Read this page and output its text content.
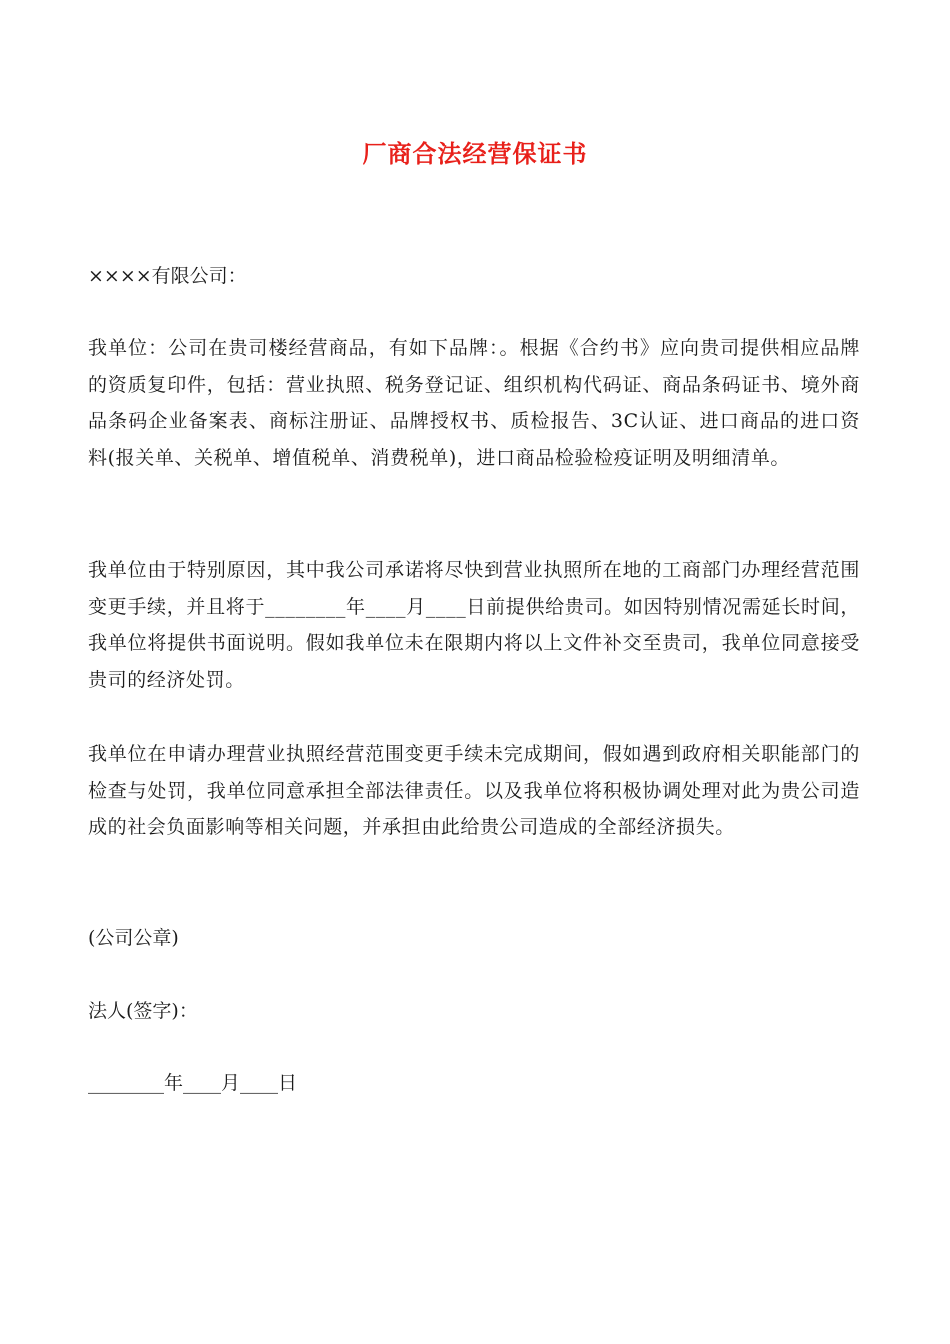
厂商合法经营保证书
××××有限公司：
我单位：公司在贵司楼经营商品，有如下品牌：。根据《合约书》应向贵司提供相应品牌的资质复印件，包括：营业执照、税务登记证、组织机构代码证、商品条码证书、境外商品条码企业备案表、商标注册证、品牌授权书、质检报告、3C认证、进口商品的进口资料(报关单、关税单、增值税单、消费税单)，进口商品检验检疫证明及明细清单。
我单位由于特别原因，其中我公司承诺将尽快到营业执照所在地的工商部门办理经营范围变更手续，并且将于________年____月____日前提供给贵司。如因特别情况需延长时间，我单位将提供书面说明。假如我单位未在限期内将以上文件补交至贵司，我单位同意接受贵司的经济处罚。
我单位在申请办理营业执照经营范围变更手续未完成期间，假如遇到政府相关职能部门的检查与处罚，我单位同意承担全部法律责任。以及我单位将积极协调处理对此为贵公司造成的社会负面影响等相关问题，并承担由此给贵公司造成的全部经济损失。
(公司公章)
法人(签字)：
________年____月____日
